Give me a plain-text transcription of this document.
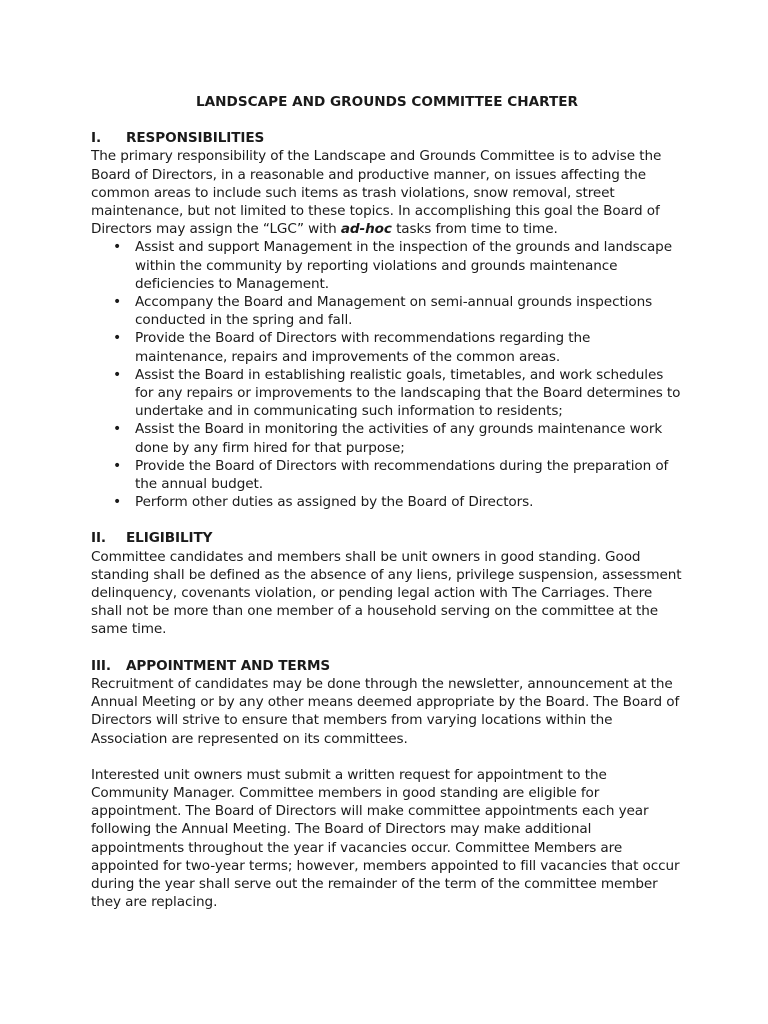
LANDSCAPE AND GROUNDS COMMITTEE CHARTER
I.	RESPONSIBILITIES

The primary responsibility of the Landscape and Grounds Committee is to advise the Board of Directors, in a reasonable and productive manner, on issues affecting the common areas to include such items as trash violations, snow removal, street maintenance, but not limited to these topics. In accomplishing this goal the Board of Directors may assign the “LGC” with ad-hoc tasks from time to time.

• Assist and support Management in the inspection of the grounds and landscape within the community by reporting violations and grounds maintenance deficiencies to Management.
• Accompany the Board and Management on semi-annual grounds inspections conducted in the spring and fall.
• Provide the Board of Directors with recommendations regarding the maintenance, repairs and improvements of the common areas.
• Assist the Board in establishing realistic goals, timetables, and work schedules for any repairs or improvements to the landscaping that the Board determines to undertake and in communicating such information to residents;
• Assist the Board in monitoring the activities of any grounds maintenance work done by any firm hired for that purpose;
• Provide the Board of Directors with recommendations during the preparation of the annual budget.
• Perform other duties as assigned by the Board of Directors.
II.	ELIGIBILITY

Committee candidates and members shall be unit owners in good standing. Good standing shall be defined as the absence of any liens, privilege suspension, assessment delinquency, covenants violation, or pending legal action with The Carriages. There shall not be more than one member of a household serving on the committee at the same time.

III.	APPOINTMENT AND TERMS

Recruitment of candidates may be done through the newsletter, announcement at the Annual Meeting or by any other means deemed appropriate by the Board. The Board of Directors will strive to ensure that members from varying locations within the Association are represented on its committees.

Interested unit owners must submit a written request for appointment to the Community Manager. Committee members in good standing are eligible for appointment. The Board of Directors will make committee appointments each year following the Annual Meeting. The Board of Directors may make additional appointments throughout the year if vacancies occur. Committee Members are appointed for two-year terms; however, members appointed to fill vacancies that occur during the year shall serve out the remainder of the term of the committee member they are replacing.
